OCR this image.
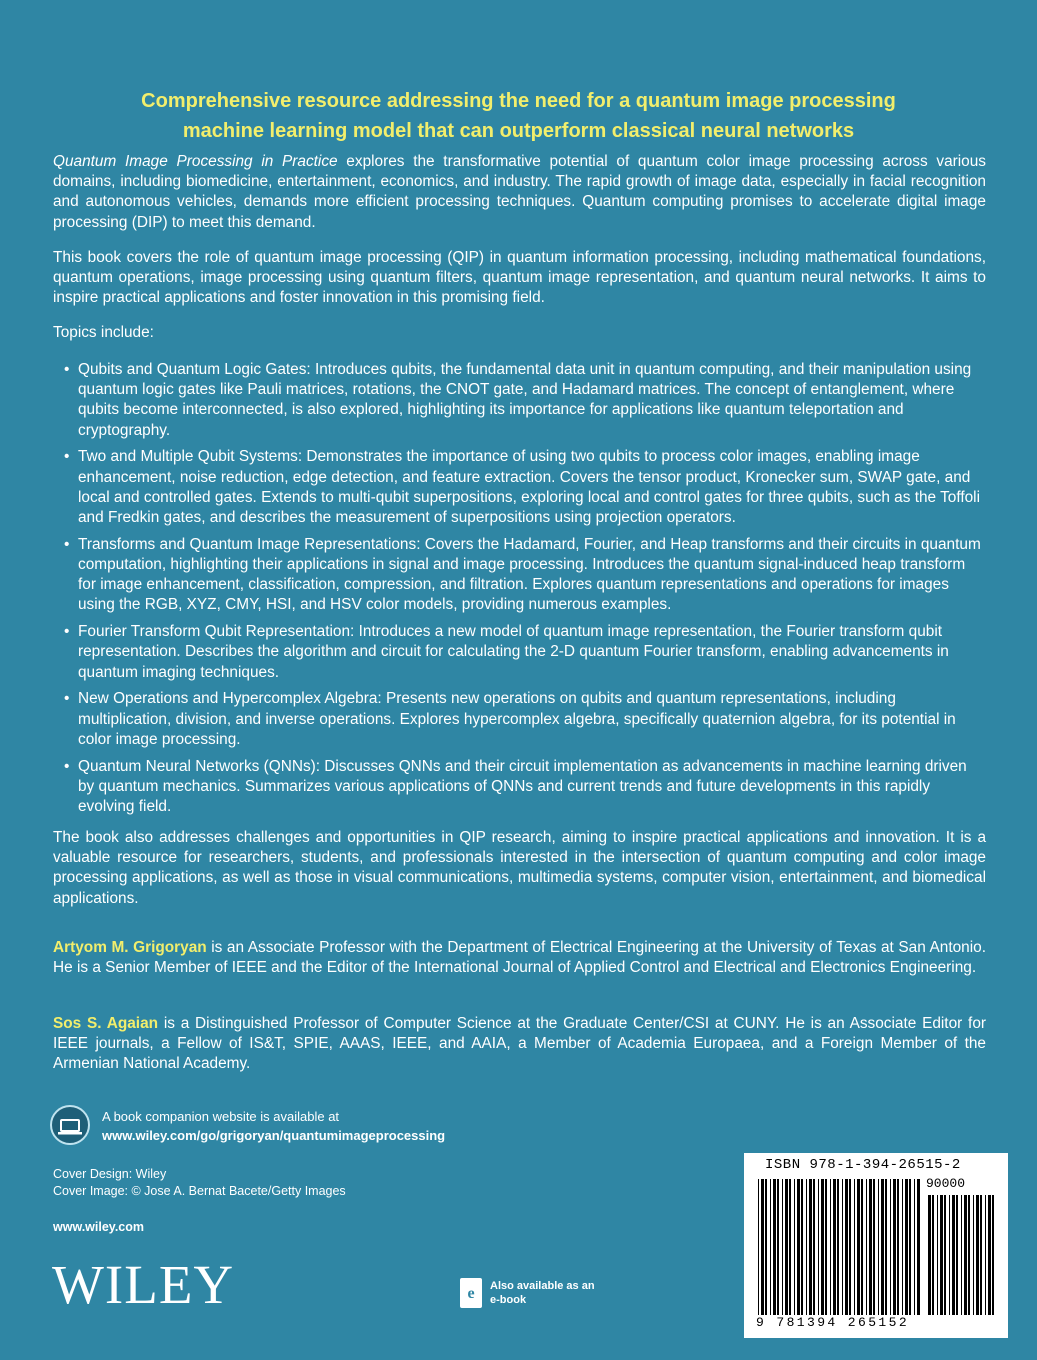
Comprehensive resource addressing the need for a quantum image processing
machine learning model that can outperform classical neural networks
Quantum Image Processing in Practice explores the transformative potential of quantum color image processing across various domains, including biomedicine, entertainment, economics, and industry. The rapid growth of image data, especially in facial recognition and autonomous vehicles, demands more efficient processing techniques. Quantum computing promises to accelerate digital image processing (DIP) to meet this demand.
This book covers the role of quantum image processing (QIP) in quantum information processing, including mathematical foundations, quantum operations, image processing using quantum filters, quantum image representation, and quantum neural networks. It aims to inspire practical applications and foster innovation in this promising field.
Topics include:
• Qubits and Quantum Logic Gates: Introduces qubits, the fundamental data unit in quantum computing, and their manipulation using quantum logic gates like Pauli matrices, rotations, the CNOT gate, and Hadamard matrices. The concept of entanglement, where qubits become interconnected, is also explored, highlighting its importance for applications like quantum teleportation and cryptography.
• Two and Multiple Qubit Systems: Demonstrates the importance of using two qubits to process color images, enabling image enhancement, noise reduction, edge detection, and feature extraction. Covers the tensor product, Kronecker sum, SWAP gate, and local and controlled gates. Extends to multi-qubit superpositions, exploring local and control gates for three qubits, such as the Toffoli and Fredkin gates, and describes the measurement of superpositions using projection operators.
• Transforms and Quantum Image Representations: Covers the Hadamard, Fourier, and Heap transforms and their circuits in quantum computation, highlighting their applications in signal and image processing. Introduces the quantum signal-induced heap transform for image enhancement, classification, compression, and filtration. Explores quantum representations and operations for images using the RGB, XYZ, CMY, HSI, and HSV color models, providing numerous examples.
• Fourier Transform Qubit Representation: Introduces a new model of quantum image representation, the Fourier transform qubit representation. Describes the algorithm and circuit for calculating the 2-D quantum Fourier transform, enabling advancements in quantum imaging techniques.
• New Operations and Hypercomplex Algebra: Presents new operations on qubits and quantum representations, including multiplication, division, and inverse operations. Explores hypercomplex algebra, specifically quaternion algebra, for its potential in color image processing.
• Quantum Neural Networks (QNNs): Discusses QNNs and their circuit implementation as advancements in machine learning driven by quantum mechanics. Summarizes various applications of QNNs and current trends and future developments in this rapidly evolving field.
The book also addresses challenges and opportunities in QIP research, aiming to inspire practical applications and innovation. It is a valuable resource for researchers, students, and professionals interested in the intersection of quantum computing and color image processing applications, as well as those in visual communications, multimedia systems, computer vision, entertainment, and biomedical applications.
Artyom M. Grigoryan is an Associate Professor with the Department of Electrical Engineering at the University of Texas at San Antonio. He is a Senior Member of IEEE and the Editor of the International Journal of Applied Control and Electrical and Electronics Engineering.
Sos S. Agaian is a Distinguished Professor of Computer Science at the Graduate Center/CSI at CUNY. He is an Associate Editor for IEEE journals, a Fellow of IS&T, SPIE, AAAS, IEEE, and AAIA, a Member of Academia Europaea, and a Foreign Member of the Armenian National Academy.
A book companion website is available at
www.wiley.com/go/grigoryan/quantumimageprocessing
Cover Design: Wiley
Cover Image: © Jose A. Bernat Bacete/Getty Images
www.wiley.com
WILEY	e Also available as an e-book
ISBN 978-1-394-26515-2
90000
9 781394 265152
